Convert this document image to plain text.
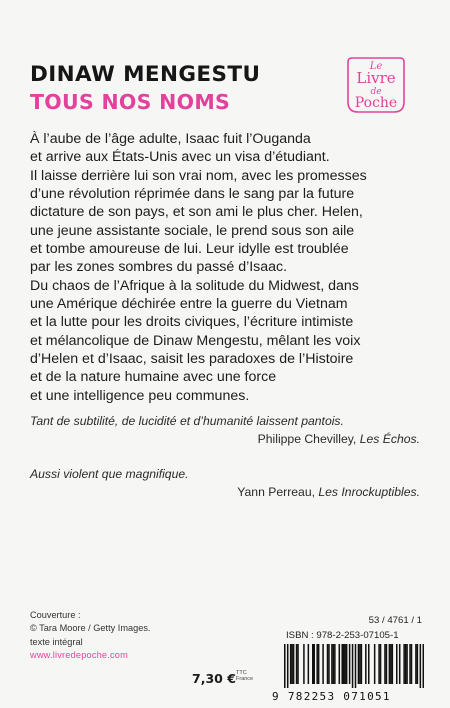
DINAW MENGESTU
TOUS NOS NOMS
Le
Livre
de
Poche

À l’aube de l’âge adulte, Isaac fuit l’Ouganda

et arrive aux États-Unis avec un visa d’étudiant.

Il laisse derrière lui son vrai nom, avec les promesses

d’une révolution réprimée dans le sang par la future

dictature de son pays, et son ami le plus cher. Helen,

une jeune assistante sociale, le prend sous son aile

et tombe amoureuse de lui. Leur idylle est troublée

par les zones sombres du passé d’Isaac.

Du chaos de l’Afrique à la solitude du Midwest, dans

une Amérique déchirée entre la guerre du Vietnam

et la lutte pour les droits civiques, l’écriture intimiste

et mélancolique de Dinaw Mengestu, mêlant les voix

d’Helen et d’Isaac, saisit les paradoxes de l’Histoire

et de la nature humaine avec une force

et une intelligence peu communes.

Tant de subtilité, de lucidité et d’humanité laissent pantois.
Philippe Chevilley, Les Échos.
Aussi violent que magnifique.
Yann Perreau, Les Inrockuptibles.
Couverture :
© Tara Moore / Getty Images.
texte intégral
www.livredepoche.com
7,30 € TTC
France
53 / 4761 / 1
ISBN : 978-2-253-07105-1
9 782253 071051
